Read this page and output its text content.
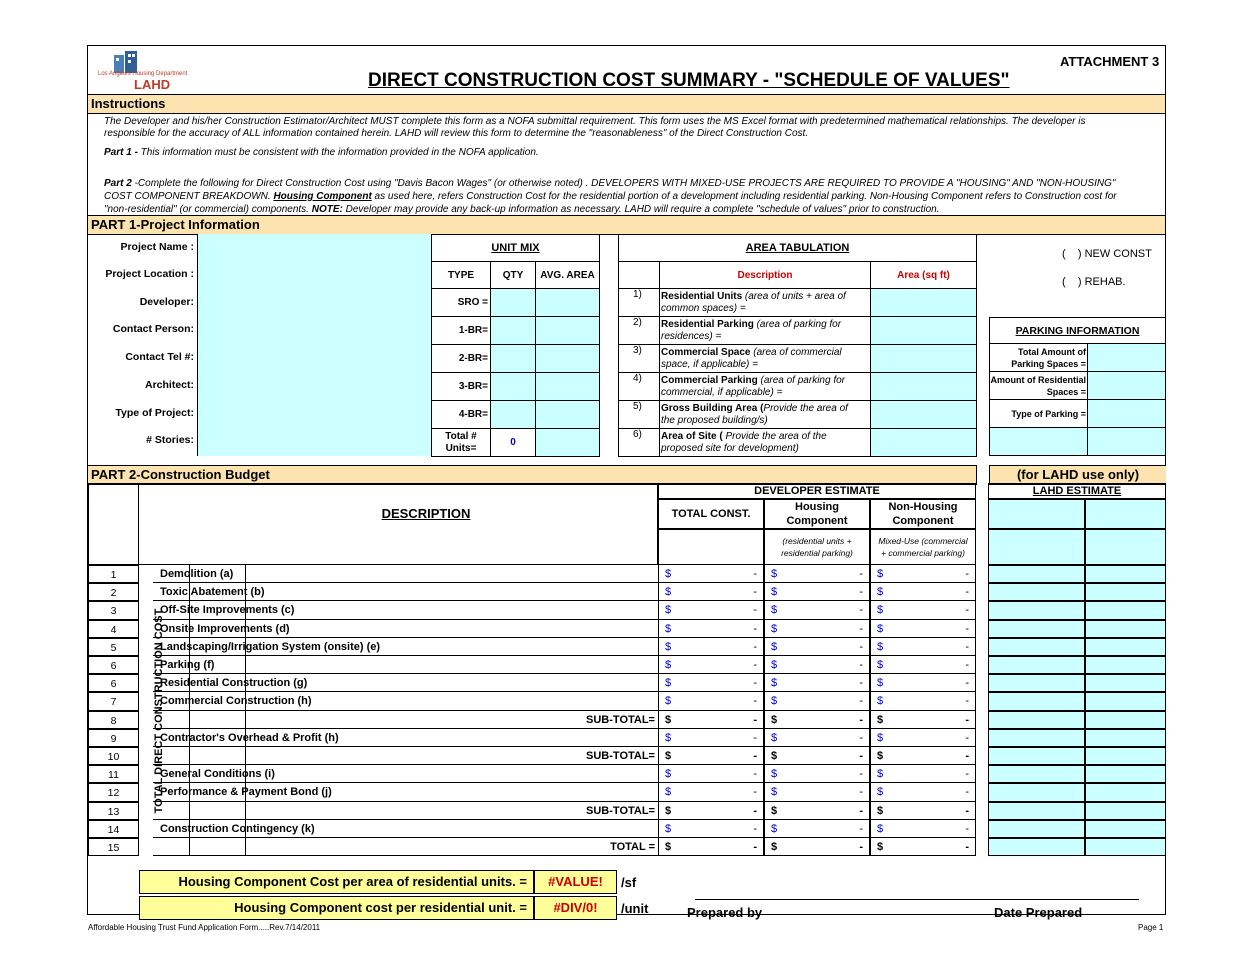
Los Angeles Housing Department
LAHD
ATTACHMENT 3
DIRECT CONSTRUCTION COST SUMMARY - "SCHEDULE OF VALUES"
Instructions
The Developer and his/her Construction Estimator/Architect MUST complete this form as a NOFA submittal requirement. This form uses the MS Excel format with predetermined mathematical relationships. The developer is
responsible for the accuracy of ALL information contained herein. LAHD will review this form to determine the "reasonableness" of the Direct Construction Cost.
Part 1 - This information must be consistent with the information provided in the NOFA application.
Part 2 -Complete the following for Direct Construction Cost using "Davis Bacon Wages" (or otherwise noted) . DEVELOPERS WITH MIXED-USE PROJECTS ARE REQUIRED TO PROVIDE A "HOUSING" AND "NON-HOUSING"
COST COMPONENT BREAKDOWN. Housing Component as used here, refers Construction Cost for the residential portion of a development including residential parking. Non-Housing Component refers to Construction cost for
"non-residential" (or commercial) components. NOTE: Developer may provide any back-up information as necessary. LAHD will require a complete "schedule of values" prior to construction.
PART 1-Project Information
Project Name :
Project Location :
Developer:
Contact Person:
Contact Tel #:
Architect:
Type of Project:
# Stories:
UNIT MIX		
TYPE	QTY	AVG. AREA
SRO =		
1-BR=		
2-BR=		
3-BR=		
4-BR=		
Total #
Units=	0	
AREA TABULATION		
	Description	Area (sq ft)
1)	Residential Units (area of units + area of
common spaces) =	
2)	Residential Parking (area of parking for
residences) =	
3)	Commercial Space (area of commercial
space, if applicable) =	
4)	Commercial Parking (area of parking for
commercial, if applicable) =	
5)	Gross Building Area (Provide the area of
the proposed building/s)	
6)	Area of Site ( Provide the area of the
proposed site for development)	
(    ) NEW CONST
(    ) REHAB.
PARKING INFORMATION	
Total Amount of
Parking Spaces =	
Amount of Residential
Spaces =	
Type of Parking =	

PART 2-Construction Budget	(for LAHD use only)
DESCRIPTION
DEVELOPER ESTIMATE
TOTAL CONST.
Housing
Component
Non-Housing
Component
(residential units +
residential parking)
Mixed-Use (commercial
+ commercial parking)
LAHD ESTIMATE
1	Demolition (a)	$	- $	- $	-
2	Toxic Abatement (b)	$	- $	- $	-
3	Off-Site Improvements (c)	$	- $	- $	-
4	Onsite Improvements (d)	$	- $	- $	-
5	Landscaping/Irrigation System (onsite) (e)	$	- $	- $	-
6	Parking (f)	$	- $	- $	-
6	Residential Construction (g)	$	- $	- $	-
7	Commercial Construction (h)	$	- $	- $	-
8	SUB-TOTAL= $	- $	- $	-
9	Contractor's Overhead & Profit (h)	$	- $	- $	-
10	SUB-TOTAL= $	- $	- $	-
11	General Conditions (i)	$	- $	- $	-
12	Performance & Payment Bond (j)	$	- $	- $	-
13	SUB-TOTAL= $	- $	- $	-
14	Construction Contingency (k)	$	- $	- $	-
15	TOTAL = $	- $	- $	-
TOTAL DIRECT CONSTRUCTION COST
Housing Component Cost per area of residential units. =	#VALUE!	/sf
Housing Component cost per residential unit. =	#DIV/0!	/unit	Prepared by	Date Prepared
Affordable Housing Trust Fund Application Form.....Rev.7/14/2011	Page 1
